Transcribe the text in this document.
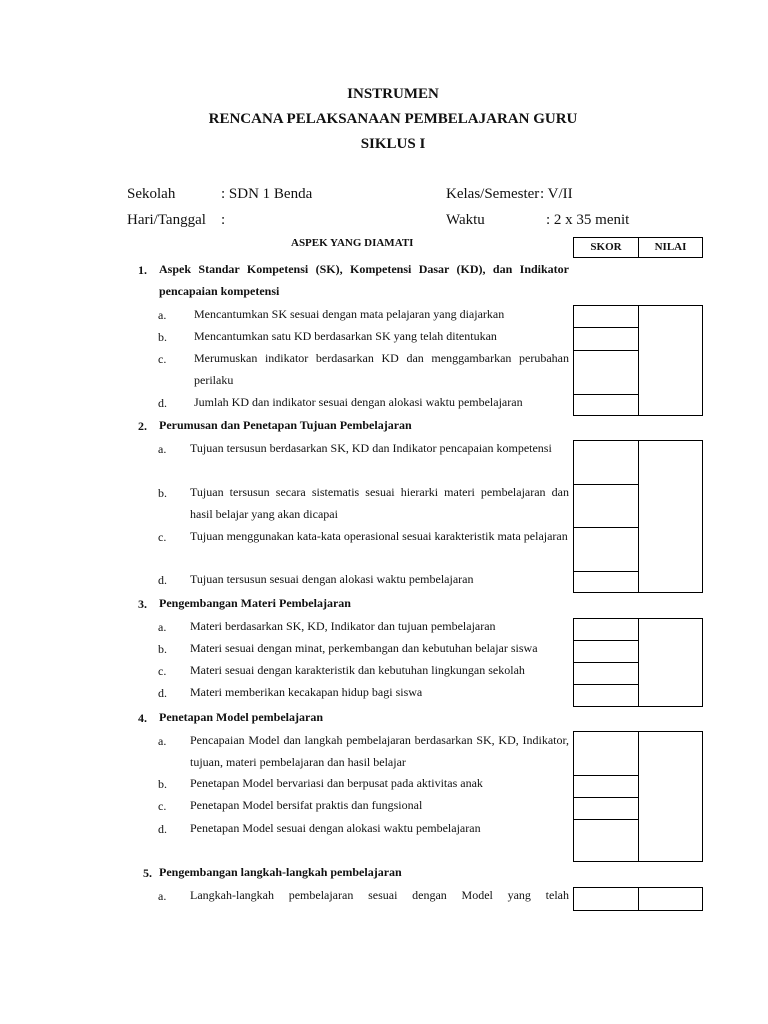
INSTRUMEN
RENCANA PELAKSANAAN PEMBELAJARAN GURU
SIKLUS I
Sekolah	: SDN 1 Benda	Kelas/Semester : V/II
Hari/Tanggal :	Waktu	: 2 x 35 menit
ASPEK YANG DIAMATI	SKOR	NILAI
1. Aspek Standar Kompetensi (SK), Kompetensi Dasar (KD), dan Indikator
pencapaian kompetensi
a. Mencantumkan SK sesuai dengan mata pelajaran yang diajarkan
b. Mencantumkan satu KD berdasarkan SK yang telah ditentukan
c. Merumuskan indikator berdasarkan KD dan menggambarkan perubahan perilaku
d. Jumlah KD dan indikator sesuai dengan alokasi waktu pembelajaran
2. Perumusan dan Penetapan Tujuan Pembelajaran
a. Tujuan tersusun berdasarkan SK, KD dan Indikator pencapaian kompetensi
b. Tujuan tersusun secara sistematis sesuai hierarki materi pembelajaran dan hasil belajar yang akan dicapai
c. Tujuan menggunakan kata-kata operasional sesuai karakteristik mata pelajaran
d. Tujuan tersusun sesuai dengan alokasi waktu pembelajaran
3. Pengembangan Materi Pembelajaran
a. Materi berdasarkan SK, KD, Indikator dan tujuan pembelajaran
b. Materi sesuai dengan minat, perkembangan dan kebutuhan belajar siswa
c. Materi sesuai dengan karakteristik dan kebutuhan lingkungan sekolah
d. Materi memberikan kecakapan hidup bagi siswa
4. Penetapan Model pembelajaran
a. Pencapaian Model dan langkah pembelajaran berdasarkan SK, KD, Indikator, tujuan, materi pembelajaran dan hasil belajar
b. Penetapan Model bervariasi dan berpusat pada aktivitas anak
c. Penetapan Model bersifat praktis dan fungsional
d. Penetapan Model sesuai dengan alokasi waktu pembelajaran
5. Pengembangan langkah-langkah pembelajaran
a. Langkah-langkah pembelajaran sesuai dengan Model yang telah
